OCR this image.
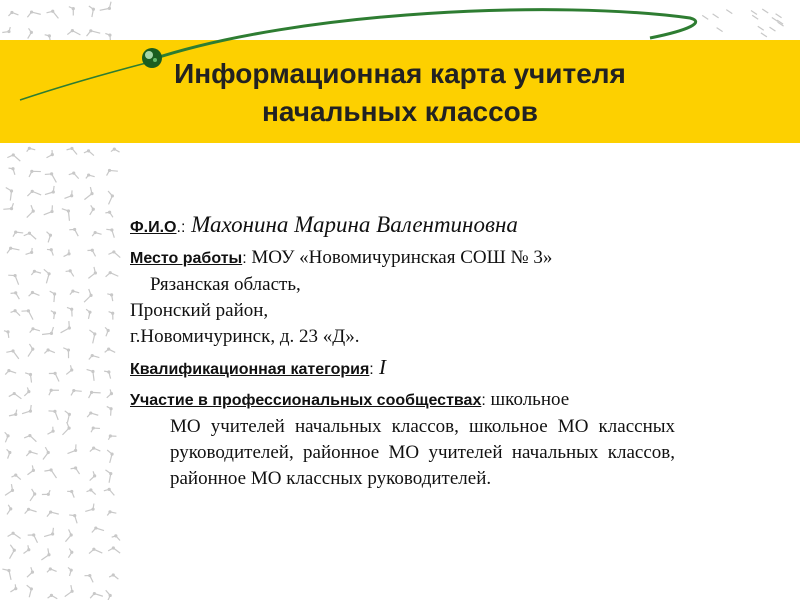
Информационная карта учителя
начальных классов

Ф.И.О.: Махонина Марина Валентиновна

Место работы: МОУ «Новомичуринская СОШ № 3»

Рязанская область,

Пронский район,

г.Новомичуринск, д. 23 «Д».

Квалификационная категория: I

Участие в профессиональных сообществах: школьное

МО учителей начальных классов, школьное МО классных руководителей, районное МО учителей начальных классов, районное МО классных руководителей.
